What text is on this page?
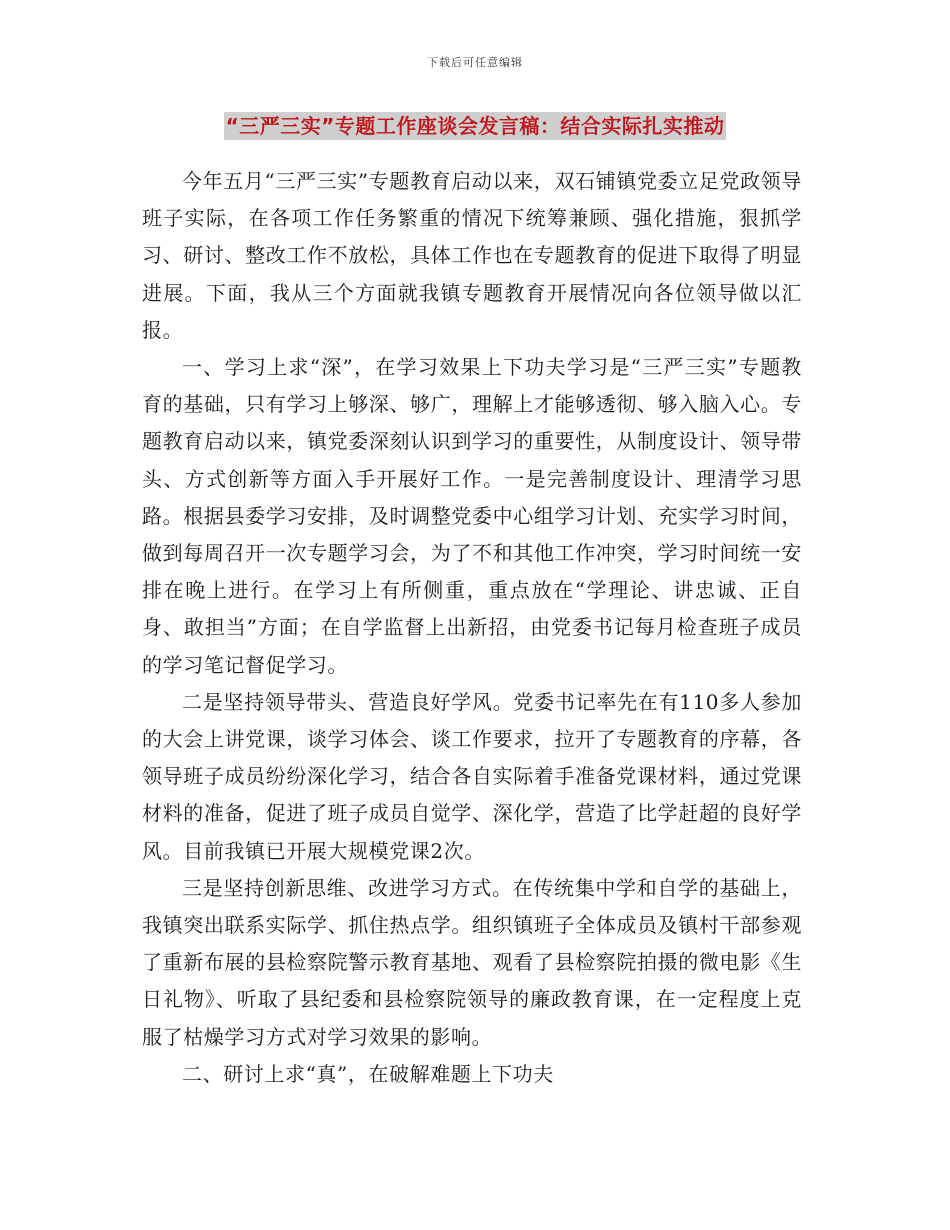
下载后可任意编辑
“三严三实”专题工作座谈会发言稿：结合实际扎实推动

今年五月“三严三实”专题教育启动以来，双石铺镇党委立足党政领导班子实际，在各项工作任务繁重的情况下统筹兼顾、强化措施，狠抓学习、研讨、整改工作不放松，具体工作也在专题教育的促进下取得了明显进展。下面，我从三个方面就我镇专题教育开展情况向各位领导做以汇报。

一、学习上求“深”，在学习效果上下功夫学习是“三严三实”专题教育的基础，只有学习上够深、够广，理解上才能够透彻、够入脑入心。专题教育启动以来，镇党委深刻认识到学习的重要性，从制度设计、领导带头、方式创新等方面入手开展好工作。一是完善制度设计、理清学习思路。根据县委学习安排，及时调整党委中心组学习计划、充实学习时间，做到每周召开一次专题学习会，为了不和其他工作冲突，学习时间统一安排在晚上进行。在学习上有所侧重，重点放在“学理论、讲忠诚、正自身、敢担当”方面；在自学监督上出新招，由党委书记每月检查班子成员的学习笔记督促学习。

二是坚持领导带头、营造良好学风。党委书记率先在有110多人参加的大会上讲党课，谈学习体会、谈工作要求，拉开了专题教育的序幕，各领导班子成员纷纷深化学习，结合各自实际着手准备党课材料，通过党课材料的准备，促进了班子成员自觉学、深化学，营造了比学赶超的良好学风。目前我镇已开展大规模党课2次。

三是坚持创新思维、改进学习方式。在传统集中学和自学的基础上，我镇突出联系实际学、抓住热点学。组织镇班子全体成员及镇村干部参观了重新布展的县检察院警示教育基地、观看了县检察院拍摄的微电影《生日礼物》、听取了县纪委和县检察院领导的廉政教育课，在一定程度上克服了枯燥学习方式对学习效果的影响。

二、研讨上求“真”，在破解难题上下功夫
